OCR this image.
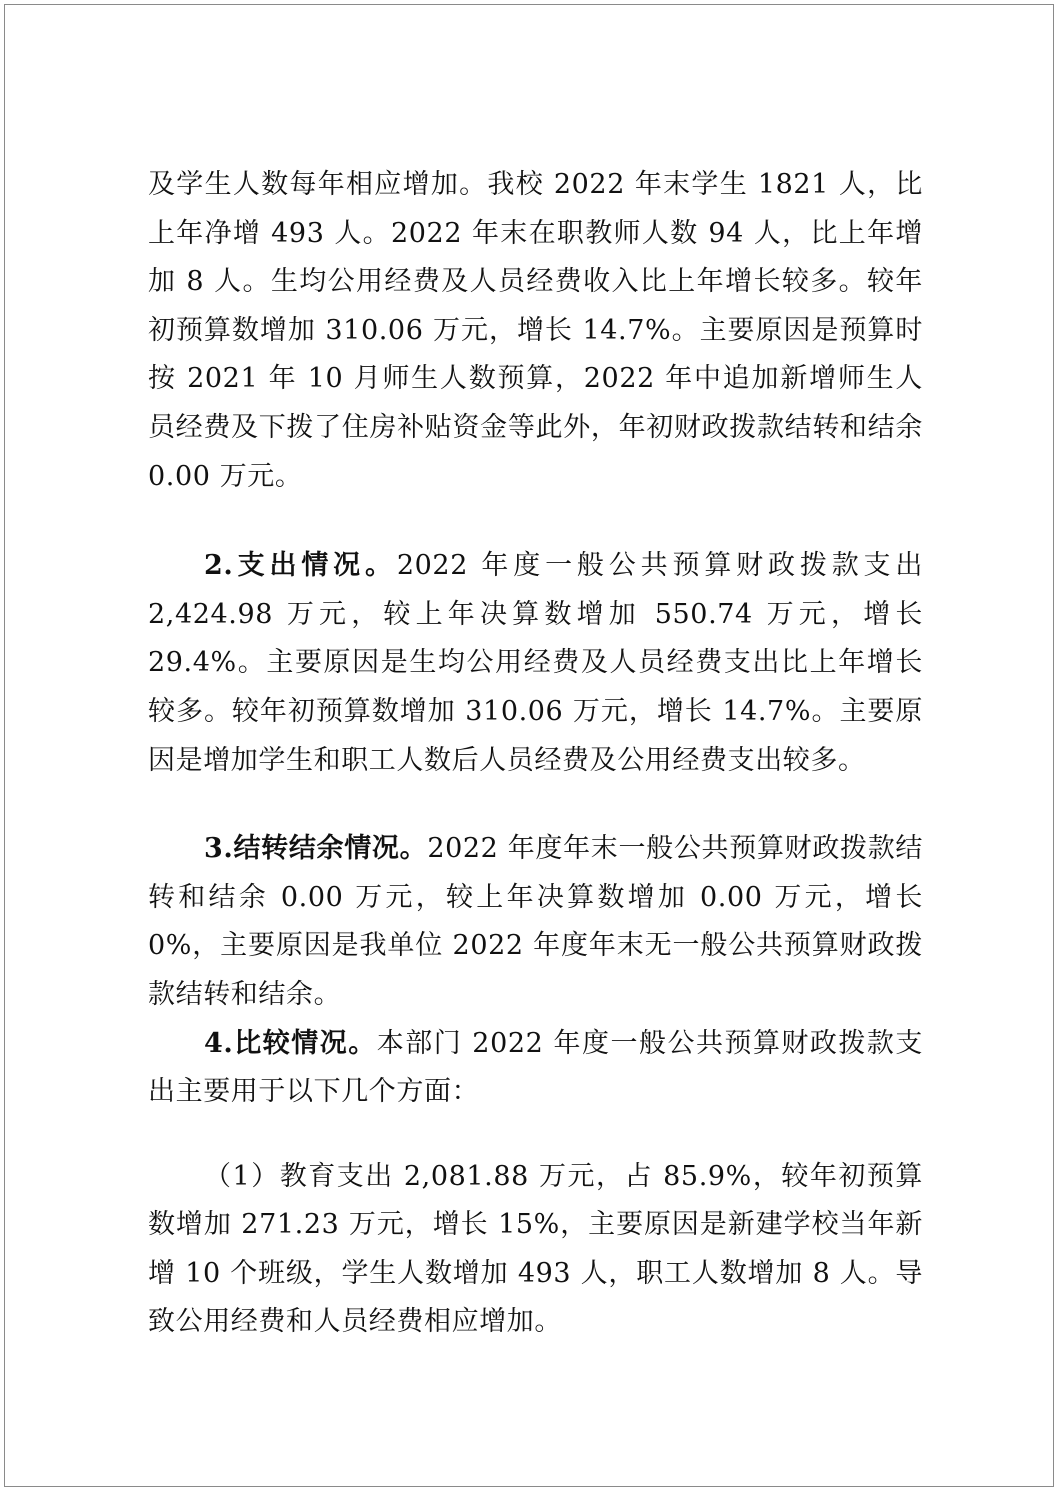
及学生人数每年相应增加。我校 2022 年末学生 1821 人，比上年净增 493 人。2022 年末在职教师人数 94 人，比上年增加 8 人。生均公用经费及人员经费收入比上年增长较多。较年初预算数增加 310.06 万元，增长 14.7%。主要原因是预算时按 2021 年 10 月师生人数预算，2022 年中追加新增师生人员经费及下拨了住房补贴资金等此外，年初财政拨款结转和结余 0.00 万元。

2.支出情况。2022 年度一般公共预算财政拨款支出 2,424.98 万元，较上年决算数增加 550.74 万元，增长 29.4%。主要原因是生均公用经费及人员经费支出比上年增长较多。较年初预算数增加 310.06 万元，增长 14.7%。主要原因是增加学生和职工人数后人员经费及公用经费支出较多。

3.结转结余情况。2022 年度年末一般公共预算财政拨款结转和结余 0.00 万元，较上年决算数增加 0.00 万元，增长 0%，主要原因是我单位 2022 年度年末无一般公共预算财政拨款结转和结余。

4.比较情况。本部门 2022 年度一般公共预算财政拨款支出主要用于以下几个方面：

（1）教育支出 2,081.88 万元，占 85.9%，较年初预算数增加 271.23 万元，增长 15%，主要原因是新建学校当年新增 10 个班级，学生人数增加 493 人，职工人数增加 8 人。导致公用经费和人员经费相应增加。
